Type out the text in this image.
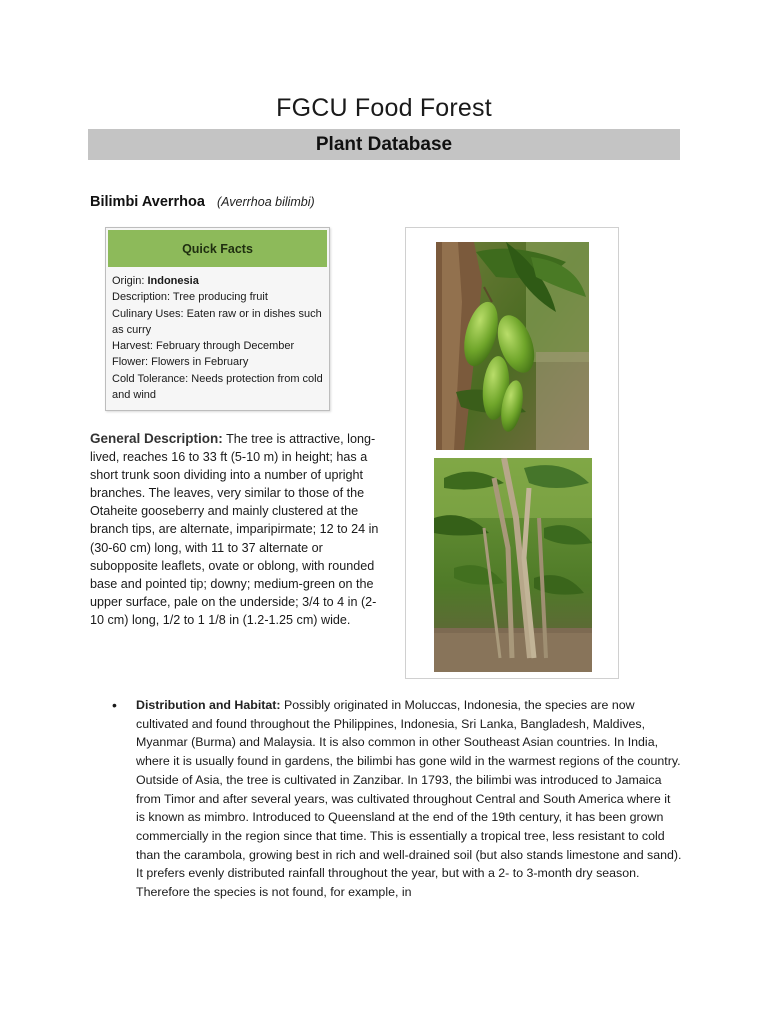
FGCU Food Forest
Plant Database
Bilimbi Averrhoa (Averrhoa bilimbi)
Quick Facts
Origin: Indonesia
Description: Tree producing fruit
Culinary Uses: Eaten raw or in dishes such as curry
Harvest: February through December
Flower: Flowers in February
Cold Tolerance: Needs protection from cold and wind
General Description: The tree is attractive, long-lived, reaches 16 to 33 ft (5-10 m) in height; has a short trunk soon dividing into a number of upright branches. The leaves, very similar to those of the Otaheite gooseberry and mainly clustered at the branch tips, are alternate, imparipirmate; 12 to 24 in (30-60 cm) long, with 11 to 37 alternate or subopposite leaflets, ovate or oblong, with rounded base and pointed tip; downy; medium-green on the upper surface, pale on the underside; 3/4 to 4 in (2-10 cm) long, 1/2 to 1 1/8 in (1.2-1.25 cm) wide.
• Distribution and Habitat: Possibly originated in Moluccas, Indonesia, the species are now cultivated and found throughout the Philippines, Indonesia, Sri Lanka, Bangladesh, Maldives, Myanmar (Burma) and Malaysia. It is also common in other Southeast Asian countries. In India, where it is usually found in gardens, the bilimbi has gone wild in the warmest regions of the country. Outside of Asia, the tree is cultivated in Zanzibar. In 1793, the bilimbi was introduced to Jamaica from Timor and after several years, was cultivated throughout Central and South America where it is known as mimbro. Introduced to Queensland at the end of the 19th century, it has been grown commercially in the region since that time. This is essentially a tropical tree, less resistant to cold than the carambola, growing best in rich and well-drained soil (but also stands limestone and sand). It prefers evenly distributed rainfall throughout the year, but with a 2- to 3-month dry season. Therefore the species is not found, for example, in
